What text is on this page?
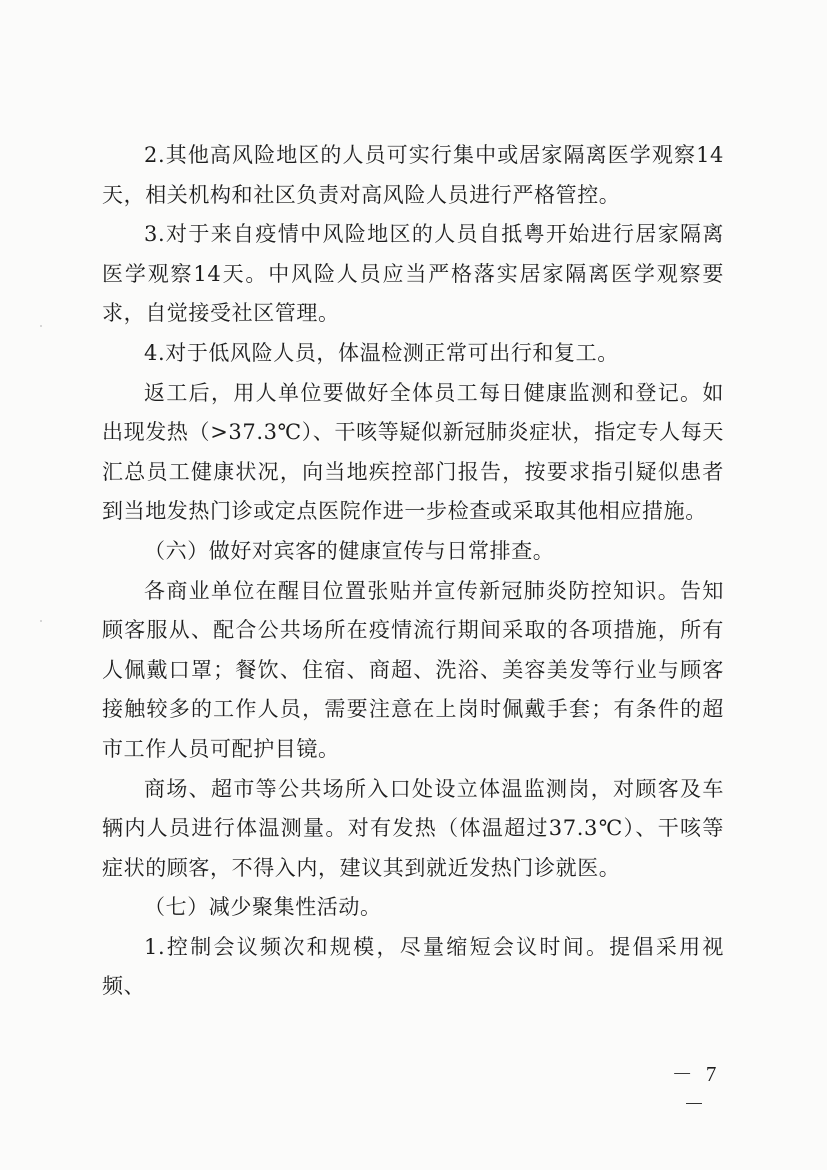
2.其他高风险地区的人员可实行集中或居家隔离医学观察14天，相关机构和社区负责对高风险人员进行严格管控。

3.对于来自疫情中风险地区的人员自抵粤开始进行居家隔离医学观察14天。中风险人员应当严格落实居家隔离医学观察要求，自觉接受社区管理。

4.对于低风险人员，体温检测正常可出行和复工。

返工后，用人单位要做好全体员工每日健康监测和登记。如出现发热（>37.3℃）、干咳等疑似新冠肺炎症状，指定专人每天汇总员工健康状况，向当地疾控部门报告，按要求指引疑似患者到当地发热门诊或定点医院作进一步检查或采取其他相应措施。

（六）做好对宾客的健康宣传与日常排查。

各商业单位在醒目位置张贴并宣传新冠肺炎防控知识。告知顾客服从、配合公共场所在疫情流行期间采取的各项措施，所有人佩戴口罩；餐饮、住宿、商超、洗浴、美容美发等行业与顾客接触较多的工作人员，需要注意在上岗时佩戴手套；有条件的超市工作人员可配护目镜。

商场、超市等公共场所入口处设立体温监测岗，对顾客及车辆内人员进行体温测量。对有发热（体温超过37.3℃）、干咳等症状的顾客，不得入内，建议其到就近发热门诊就医。

（七）减少聚集性活动。

1.控制会议频次和规模，尽量缩短会议时间。提倡采用视频、

－ 7 －
